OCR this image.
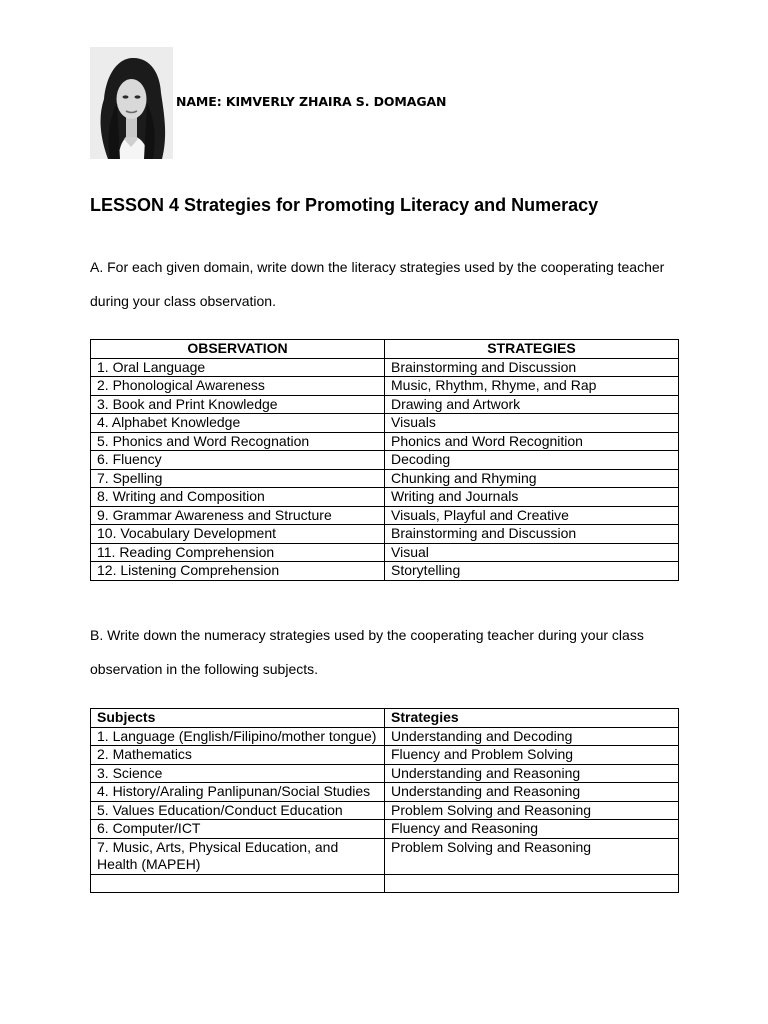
NAME: KIMVERLY ZHAIRA S. DOMAGAN
LESSON 4 Strategies for Promoting Literacy and Numeracy

A. For each given domain, write down the literacy strategies used by the cooperating teacher during your class observation.

OBSERVATION	STRATEGIES
1. Oral Language	Brainstorming and Discussion
2. Phonological Awareness	Music, Rhythm, Rhyme, and Rap
3. Book and Print Knowledge	Drawing and Artwork
4. Alphabet Knowledge	Visuals
5. Phonics and Word Recognation	Phonics and Word Recognition
6. Fluency	Decoding
7. Spelling	Chunking and Rhyming
8. Writing and Composition	Writing and Journals
9. Grammar Awareness and Structure	Visuals, Playful and Creative
10. Vocabulary Development	Brainstorming and Discussion
11. Reading Comprehension	Visual
12. Listening Comprehension	Storytelling

B. Write down the numeracy strategies used by the cooperating teacher during your class observation in the following subjects.

Subjects	Strategies
1. Language (English/Filipino/mother tongue)	Understanding and Decoding
2. Mathematics	Fluency and Problem Solving
3. Science	Understanding and Reasoning
4. History/Araling Panlipunan/Social Studies	Understanding and Reasoning
5. Values Education/Conduct Education	Problem Solving and Reasoning
6. Computer/ICT	Fluency and Reasoning
7. Music, Arts, Physical Education, and Health (MAPEH)	Problem Solving and Reasoning
